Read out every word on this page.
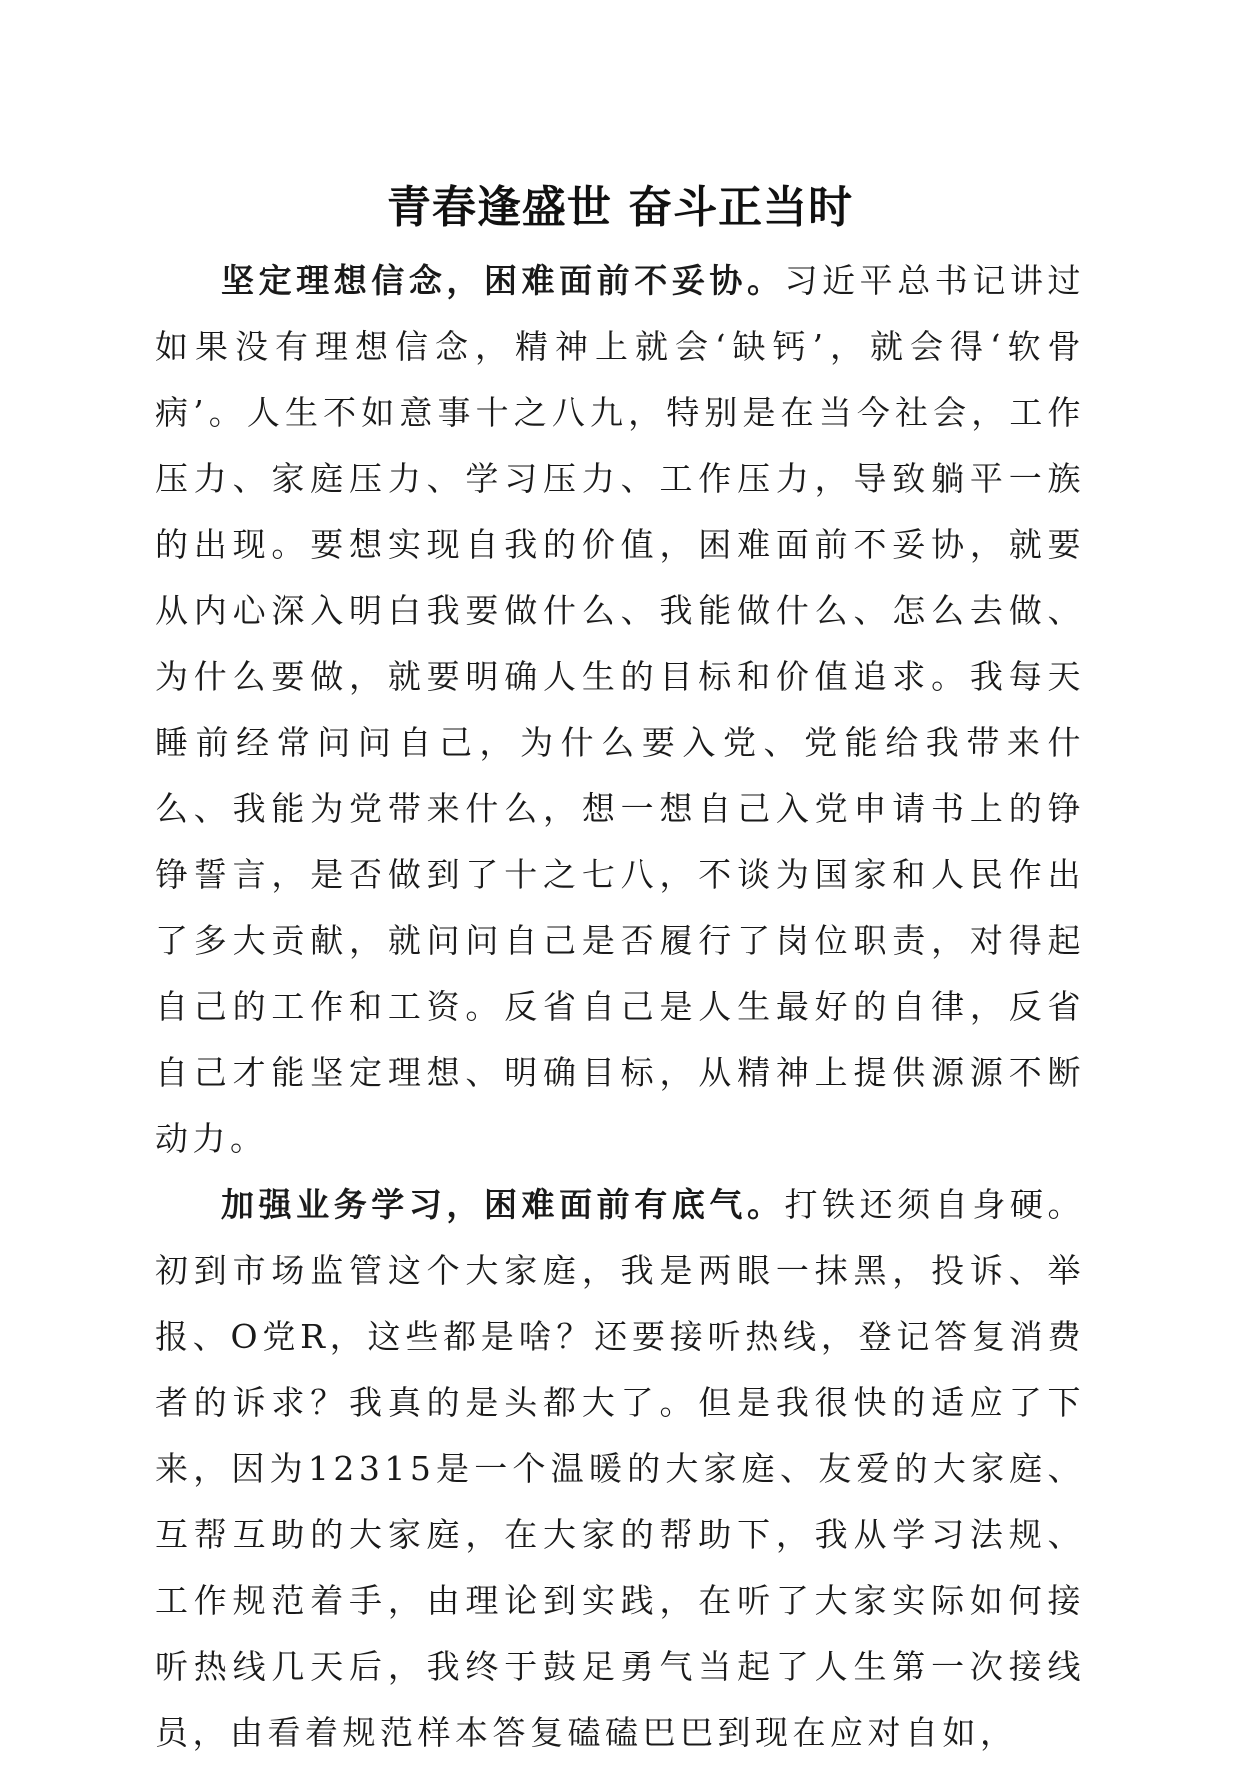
青春逢盛世 奋斗正当时

坚定理想信念，困难面前不妥协。习近平总书记讲过如果没有理想信念，精神上就会‘缺钙’，就会得‘软骨病’。人生不如意事十之八九，特别是在当今社会，工作压力、家庭压力、学习压力、工作压力，导致躺平一族的出现。要想实现自我的价值，困难面前不妥协，就要从内心深入明白我要做什么、我能做什么、怎么去做、为什么要做，就要明确人生的目标和价值追求。我每天睡前经常问问自己，为什么要入党、党能给我带来什么、我能为党带来什么，想一想自己入党申请书上的铮铮誓言，是否做到了十之七八，不谈为国家和人民作出了多大贡献，就问问自己是否履行了岗位职责，对得起自己的工作和工资。反省自己是人生最好的自律，反省自己才能坚定理想、明确目标，从精神上提供源源不断动力。

加强业务学习，困难面前有底气。打铁还须自身硬。初到市场监管这个大家庭，我是两眼一抹黑，投诉、举报、O党R，这些都是啥？还要接听热线，登记答复消费者的诉求？我真的是头都大了。但是我很快的适应了下来，因为12315是一个温暖的大家庭、友爱的大家庭、互帮互助的大家庭，在大家的帮助下，我从学习法规、工作规范着手，由理论到实践，在听了大家实际如何接听热线几天后，我终于鼓足勇气当起了人生第一次接线员，由看着规范样本答复磕磕巴巴到现在应对自如，
